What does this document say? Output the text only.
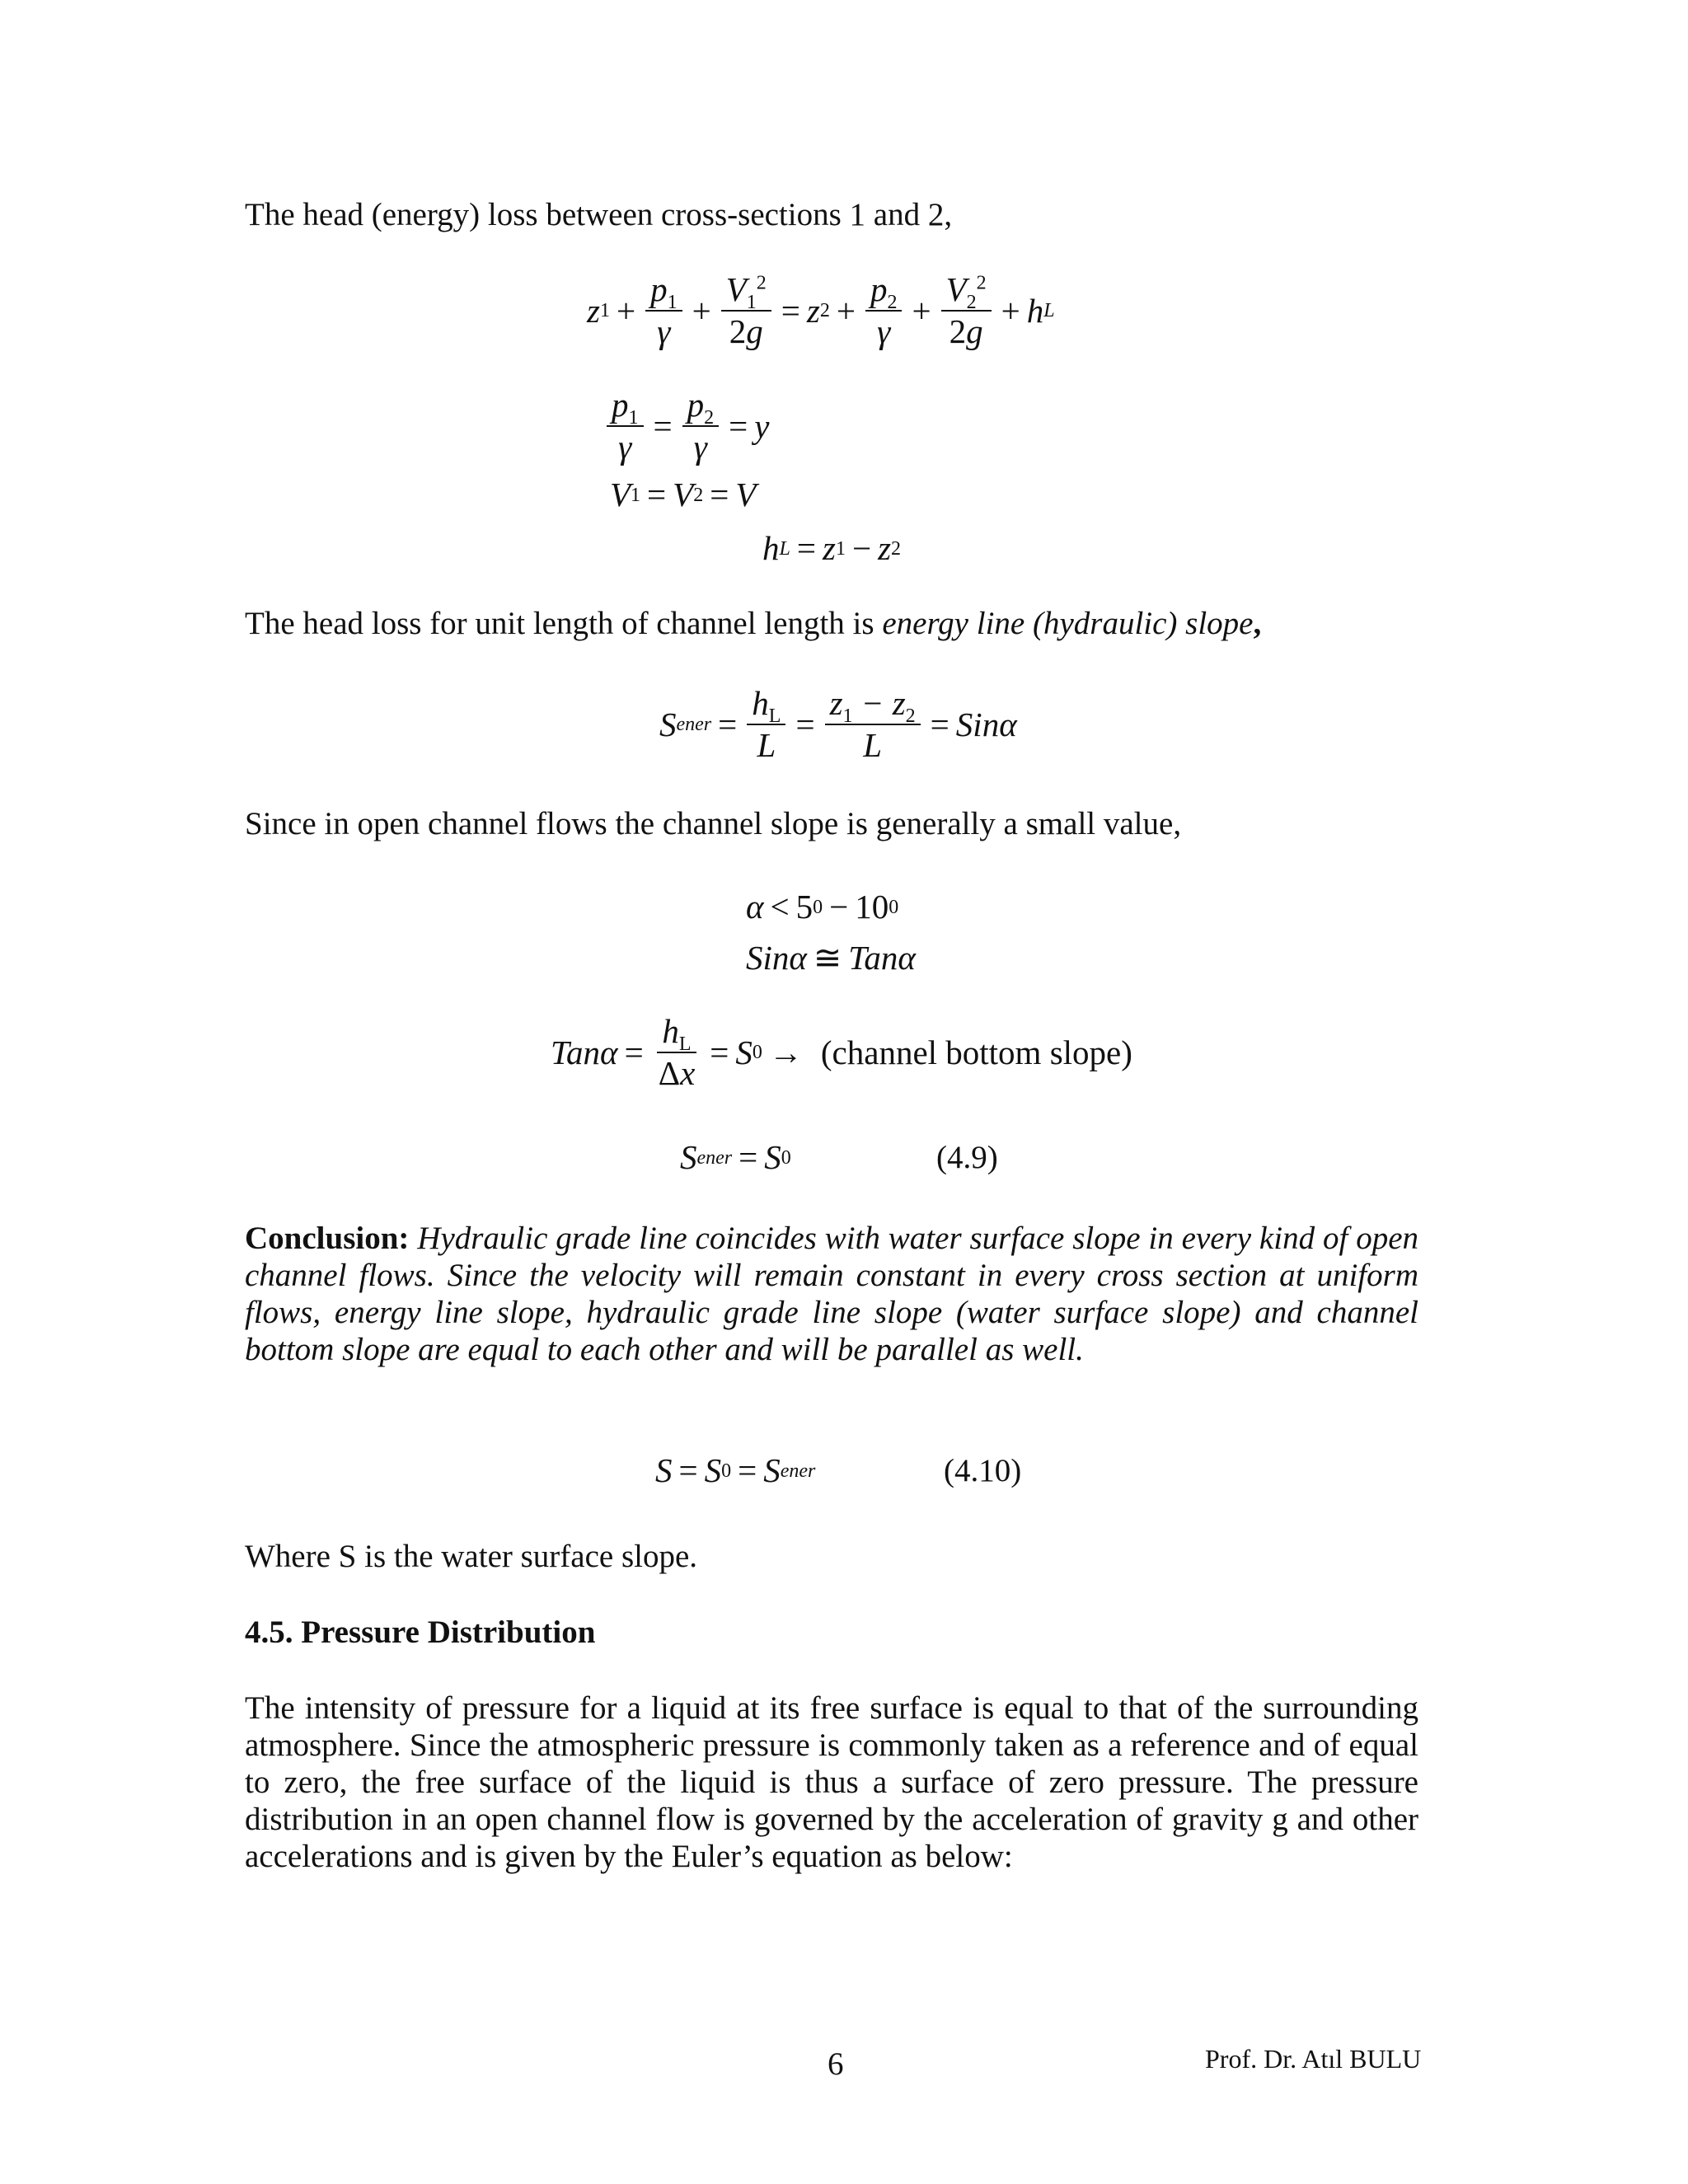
The head (energy) loss between cross-sections 1 and 2,

z $1 + \frac{p_1}{\gamma} + \frac{V_1^2}{2g} = z$ $2 + \frac{p_2}{\gamma} + \frac{V_2^2}{2g} + h$ L
$\frac{p_1}{\gamma} = \frac{p_2}{\gamma} = y$
V 1 = V 2 = V
h L = z 1 − z 2

The head loss for unit length of channel length is energy line (hydraulic) slope,

S ener = $\frac{h_L}{L} = \frac{z_1 - z_2}{L} = Sin\alpha$

Since in open channel flows the channel slope is generally a small value,

α < 5 0 − 10 0
Sinα ≅ Tanα
$Tan\alpha = \frac{h_L}{\Delta x} = S$ 0 → (channel bottom slope)
S ener = S 0	(4.9)

Conclusion: Hydraulic grade line coincides with water surface slope in every kind of open channel flows. Since the velocity will remain constant in every cross section at uniform flows, energy line slope, hydraulic grade line slope (water surface slope) and channel bottom slope are equal to each other and will be parallel as well.

S = S 0 = S ener	(4.10)

Where S is the water surface slope.

4.5. Pressure Distribution

The intensity of pressure for a liquid at its free surface is equal to that of the surrounding atmosphere. Since the atmospheric pressure is commonly taken as a reference and of equal to zero, the free surface of the liquid is thus a surface of zero pressure. The pressure distribution in an open channel flow is governed by the acceleration of gravity g and other accelerations and is given by the Euler’s equation as below:

6	Prof. Dr. Atıl BULU
